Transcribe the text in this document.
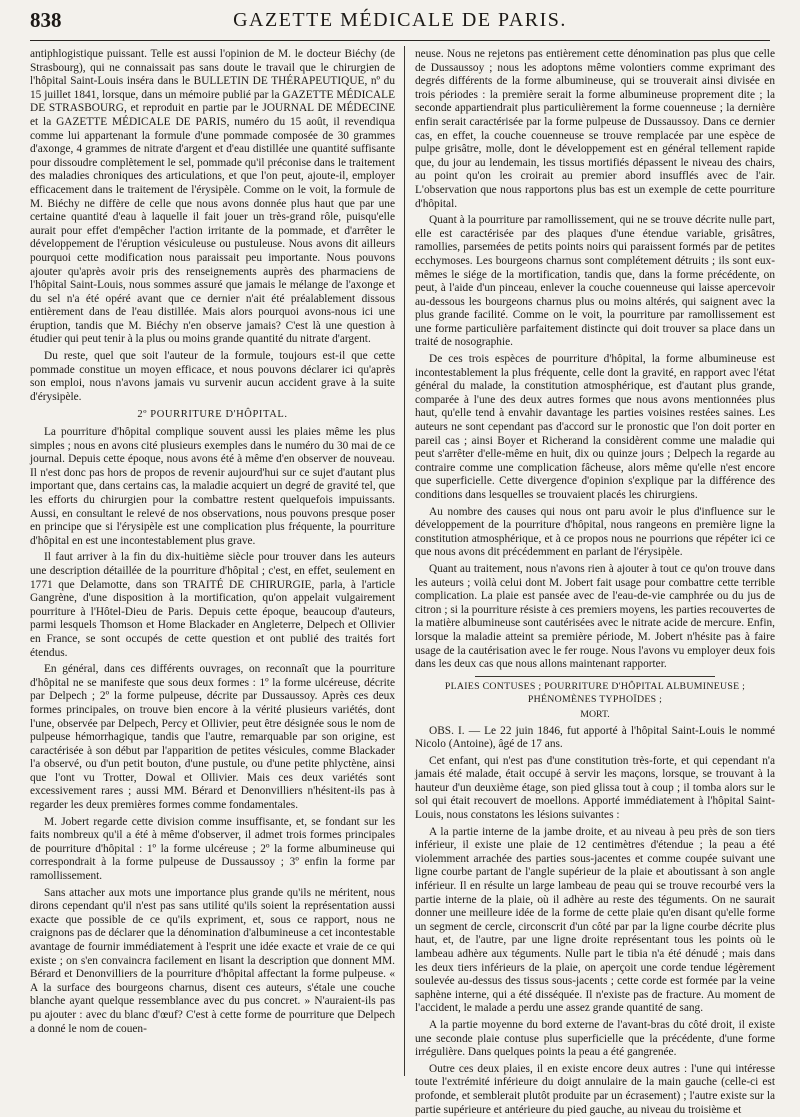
838	GAZETTE MÉDICALE DE PARIS.

antiphlogistique puissant. Telle est aussi l'opinion de M. le docteur Biéchy (de Strasbourg), qui ne connaissait pas sans doute le travail que le chirurgien de l'hôpital Saint-Louis insérа dans le BULLETIN DE THÉRAPEUTIQUE, nº du 15 juillet 1841, lorsque, dans un mémoire publié par la GAZETTE MÉDICALE DE STRASBOURG, et reproduit en partie par le JOURNAL DE MÉDECINE et la GAZETTE MÉDICALE DE PARIS, numéro du 15 août, il revendiqua comme lui appartenant la formule d'une pommade composée de 30 grammes d'axonge, 4 grammes de nitrate d'argent et d'eau distillée une quantité suffisante pour dissoudre complètement le sel, pommade qu'il préconise dans le traitement des maladies chroniques des articulations, et que l'on peut, ajoute-il, employer efficacement dans le traitement de l'érysipèle. Comme on le voit, la formule de M. Biéchy ne diffère de celle que nous avons donnée plus haut que par une certaine quantité d'eau à laquelle il fait jouer un très-grand rôle, puisqu'elle aurait pour effet d'empêcher l'action irritante de la pommade, et d'arrêter le développement de l'éruption vésiculeuse ou pustuleuse. Nous avons dit ailleurs pourquoi cette modification nous paraissait peu importante. Nous pouvons ajouter qu'après avoir pris des renseignements auprès des pharmaciens de l'hôpital Saint-Louis, nous sommes assuré que jamais le mélange de l'axonge et du sel n'a été opéré avant que ce dernier n'ait été préalablement dissous entièrement dans de l'eau distillée. Mais alors pourquoi avons-nous ici une éruption, tandis que M. Biéchy n'en observe jamais? C'est là une question à étudier qui peut tenir à la plus ou moins grande quantité du nitrate d'argent.

Du reste, quel que soit l'auteur de la formule, toujours est-il que cette pommade constitue un moyen efficace, et nous pouvons déclarer ici qu'après son emploi, nous n'avons jamais vu survenir aucun accident grave à la suite d'érysipèle.

2º POURRITURE D'HÔPITAL.

La pourriture d'hôpital complique souvent aussi les plaies même les plus simples ; nous en avons cité plusieurs exemples dans le numéro du 30 mai de ce journal. Depuis cette époque, nous avons été à même d'en observer de nouveau. Il n'est donc pas hors de propos de revenir aujourd'hui sur ce sujet d'autant plus important que, dans certains cas, la maladie acquiert un degré de gravité tel, que les efforts du chirurgien pour la combattre restent quelquefois impuissants. Aussi, en consultant le relevé de nos observations, nous pouvons presque poser en principe que si l'érysipèle est une complication plus fréquente, la pourriture d'hôpital en est une incontestablement plus grave.

Il faut arriver à la fin du dix-huitième siècle pour trouver dans les auteurs une description détaillée de la pourriture d'hôpital ; c'est, en effet, seulement en 1771 que Delamotte, dans son TRAITÉ DE CHIRURGIE, parla, à l'article Gangrène, d'une disposition à la mortification, qu'on appelait vulgairement pourriture à l'Hôtel-Dieu de Paris. Depuis cette époque, beaucoup d'auteurs, parmi lesquels Thomson et Home Blackader en Angleterre, Delpech et Ollivier en France, se sont occupés de cette question et ont publié des traités fort étendus.

En général, dans ces différents ouvrages, on reconnaît que la pourriture d'hôpital ne se manifeste que sous deux formes : 1º la forme ulcéreuse, décrite par Delpech ; 2º la forme pulpeuse, décrite par Dussaussoy. Après ces deux formes principales, on trouve bien encore à la vérité plusieurs variétés, dont l'une, observée par Delpech, Percy et Ollivier, peut être désignée sous le nom de pulpeuse hémorrhagique, tandis que l'autre, remarquable par son origine, est caractérisée à son début par l'apparition de petites vésicules, comme Blackader l'a observé, ou d'un petit bouton, d'une pustule, ou d'une petite phlyctène, ainsi que l'ont vu Trotter, Dowal et Ollivier. Mais ces deux variétés sont excessivement rares ; aussi MM. Bérard et Denonvilliers n'hésitent-ils pas à regarder les deux premières formes comme fondamentales.

M. Jobert regarde cette division comme insuffisante, et, se fondant sur les faits nombreux qu'il a été à même d'observer, il admet trois formes principales de pourriture d'hôpital : 1º la forme ulcéreuse ; 2º la forme albumineuse qui correspondrait à la forme pulpeuse de Dussaussoy ; 3º enfin la forme par ramollissement.

Sans attacher aux mots une importance plus grande qu'ils ne méritent, nous dirons cependant qu'il n'est pas sans utilité qu'ils soient la représentation aussi exacte que possible de ce qu'ils expriment, et, sous ce rapport, nous ne craignons pas de déclarer que la dénomination d'albumineuse a cet incontestable avantage de fournir immédiatement à l'esprit une idée exacte et vraie de ce qui existe ; on s'en convaincra facilement en lisant la description que donnent MM. Bérard et Denonvilliers de la pourriture d'hôpital affectant la forme pulpeuse. « A la surface des bourgeons charnus, disent ces auteurs, s'étale une couche blanche ayant quelque ressemblance avec du pus concret. » N'auraient-ils pas pu ajouter : avec du blanc d'œuf? C'est à cette forme de pourriture que Delpech a donné le nom de couen-

neuse. Nous ne rejetons pas entièrement cette dénomination pas plus que celle de Dussaussoy ; nous les adoptons même volontiers comme exprimant des degrés différents de la forme albumineuse, qui se trouverait ainsi divisée en trois périodes : la première serait la forme albumineuse proprement dite ; la seconde appartiendrait plus particulièrement la forme couenneuse ; la dernière enfin serait caractérisée par la forme pulpeuse de Dussaussoy. Dans ce dernier cas, en effet, la couche couenneuse se trouve remplacée par une espèce de pulpe grisâtre, molle, dont le développement est en général tellement rapide que, du jour au lendemain, les tissus mortifiés dépassent le niveau des chairs, au point qu'on les croirait au premier abord insufflés avec de l'air. L'observation que nous rapportons plus bas est un exemple de cette pourriture d'hôpital.

Quant à la pourriture par ramollissement, qui ne se trouve décrite nulle part, elle est caractérisée par des plaques d'une étendue variable, grisâtres, ramollies, parsemées de petits points noirs qui paraissent formés par de petites ecchymoses. Les bourgeons charnus sont complétement détruits ; ils sont eux-mêmes le siége de la mortification, tandis que, dans la forme précédente, on peut, à l'aide d'un pinceau, enlever la couche couenneuse qui laisse apercevoir au-dessous les bourgeons charnus plus ou moins altérés, qui saignent avec la plus grande facilité. Comme on le voit, la pourriture par ramollissement est une forme particulière parfaitement distincte qui doit trouver sa place dans un traité de nosographie.

De ces trois espèces de pourriture d'hôpital, la forme albumineuse est incontestablement la plus fréquente, celle dont la gravité, en rapport avec l'état général du malade, la constitution atmosphérique, est d'autant plus grande, comparée à l'une des deux autres formes que nous avons mentionnées plus haut, qu'elle tend à envahir davantage les parties voisines restées saines. Les auteurs ne sont cependant pas d'accord sur le pronostic que l'on doit porter en pareil cas ; ainsi Boyer et Richerand la considèrent comme une maladie qui peut s'arrêter d'elle-même en huit, dix ou quinze jours ; Delpech la regarde au contraire comme une complication fâcheuse, alors même qu'elle n'est encore que superficielle. Cette divergence d'opinion s'explique par la différence des conditions dans lesquelles se trouvaient placés les chirurgiens.

Au nombre des causes qui nous ont paru avoir le plus d'influence sur le développement de la pourriture d'hôpital, nous rangeons en première ligne la constitution atmosphérique, et à ce propos nous ne pourrions que répéter ici ce que nous avons dit précédemment en parlant de l'érysipèle.

Quant au traitement, nous n'avons rien à ajouter à tout ce qu'on trouve dans les auteurs ; voilà celui dont M. Jobert fait usage pour combattre cette terrible complication. La plaie est pansée avec de l'eau-de-vie camphrée ou du jus de citron ; si la pourriture résiste à ces premiers moyens, les parties recouvertes de la matière albumineuse sont cautérisées avec le nitrate acide de mercure. Enfin, lorsque la maladie atteint sa première période, M. Jobert n'hésite pas à faire usage de la cautérisation avec le fer rouge. Nous l'avons vu employer deux fois dans les deux cas que nous allons maintenant rapporter.

PLAIES CONTUSES ; POURRITURE D'HÔPITAL ALBUMINEUSE ; PHÉNOMÈNES TYPHOÏDES ;
MORT.

OBS. I. — Le 22 juin 1846, fut apporté à l'hôpital Saint-Louis le nommé Nicolo (Antoine), âgé de 17 ans.

Cet enfant, qui n'est pas d'une constitution très-forte, et qui cependant n'a jamais été malade, était occupé à servir les maçons, lorsque, se trouvant à la hauteur d'un deuxième étage, son pied glissa tout à coup ; il tomba alors sur le sol qui était recouvert de moellons. Apporté immédiatement à l'hôpital Saint-Louis, nous constatons les lésions suivantes :

A la partie interne de la jambe droite, et au niveau à peu près de son tiers inférieur, il existe une plaie de 12 centimètres d'étendue ; la peau a été violemment arrachée des parties sous-jacentes et comme coupée suivant une ligne courbe partant de l'angle supérieur de la plaie et aboutissant à son angle inférieur. Il en résulte un large lambeau de peau qui se trouve recourbé vers la partie interne de la plaie, où il adhère au reste des téguments. On ne saurait donner une meilleure idée de la forme de cette plaie qu'en disant qu'elle forme un segment de cercle, circonscrit d'un côté par par la ligne courbe décrite plus haut, et, de l'autre, par une ligne droite représentant tous les points où le lambeau adhère aux téguments. Nulle part le tibia n'a été dénudé ; mais dans les deux tiers inférieurs de la plaie, on aperçoit une corde tendue légèrement soulevée au-dessus des tissus sous-jacents ; cette corde est formée par la veine saphène interne, qui a été disséquée. Il n'existe pas de fracture. Au moment de l'accident, le malade a perdu une assez grande quantité de sang.

A la partie moyenne du bord externe de l'avant-bras du côté droit, il existe une seconde plaie contuse plus superficielle que la précédente, d'une forme irrégulière. Dans quelques points la peau a été gangrenée.

Outre ces deux plaies, il en existe encore deux autres : l'une qui intéresse toute l'extrémité inférieure du doigt annulaire de la main gauche (celle-ci est profonde, et semblerait plutôt produite par un écrasement) ; l'autre existe sur la partie supérieure et antérieure du pied gauche, au niveau du troisième et
